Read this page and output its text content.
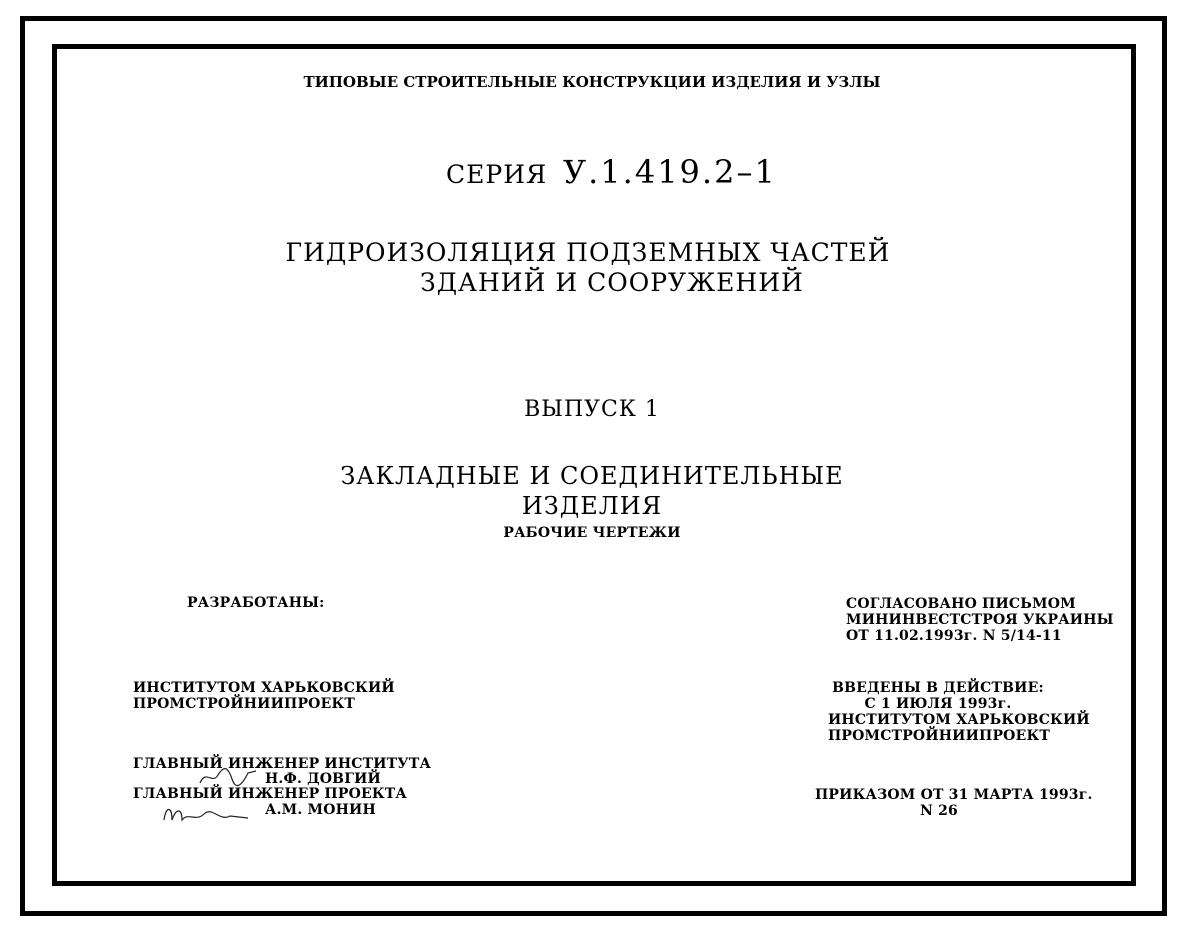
ТИПОВЫЕ СТРОИТЕЛЬНЫЕ КОНСТРУКЦИИ ИЗДЕЛИЯ И УЗЛЫ
СЕРИЯ У.1.419.2–1
ГИДРОИЗОЛЯЦИЯ ПОДЗЕМНЫХ ЧАСТЕЙ
ЗДАНИЙ И СООРУЖЕНИЙ
ВЫПУСК 1
ЗАКЛАДНЫЕ И СОЕДИНИТЕЛЬНЫЕ
ИЗДЕЛИЯ
РАБОЧИЕ ЧЕРТЕЖИ
РАЗРАБОТАНЫ:
ИНСТИТУТОМ ХАРЬКОВСКИЙ
ПРОМСТРОЙНИИПРОЕКТ
ГЛАВНЫЙ ИНЖЕНЕР ИНСТИТУТА
Н.Ф. ДОВГИЙ
ГЛАВНЫЙ ИНЖЕНЕР ПРОЕКТА
А.М. МОНИН
СОГЛАСОВАНО ПИСЬМОМ
МИНИНВЕСТСТРОЯ УКРАИНЫ
ОТ 11.02.1993г. N 5/14-11
ВВЕДЕНЫ В ДЕЙСТВИЕ:
С 1 ИЮЛЯ 1993г.
ИНСТИТУТОМ ХАРЬКОВСКИЙ
ПРОМСТРОЙНИИПРОЕКТ
ПРИКАЗОМ ОТ 31 МАРТА 1993г.
N 26
